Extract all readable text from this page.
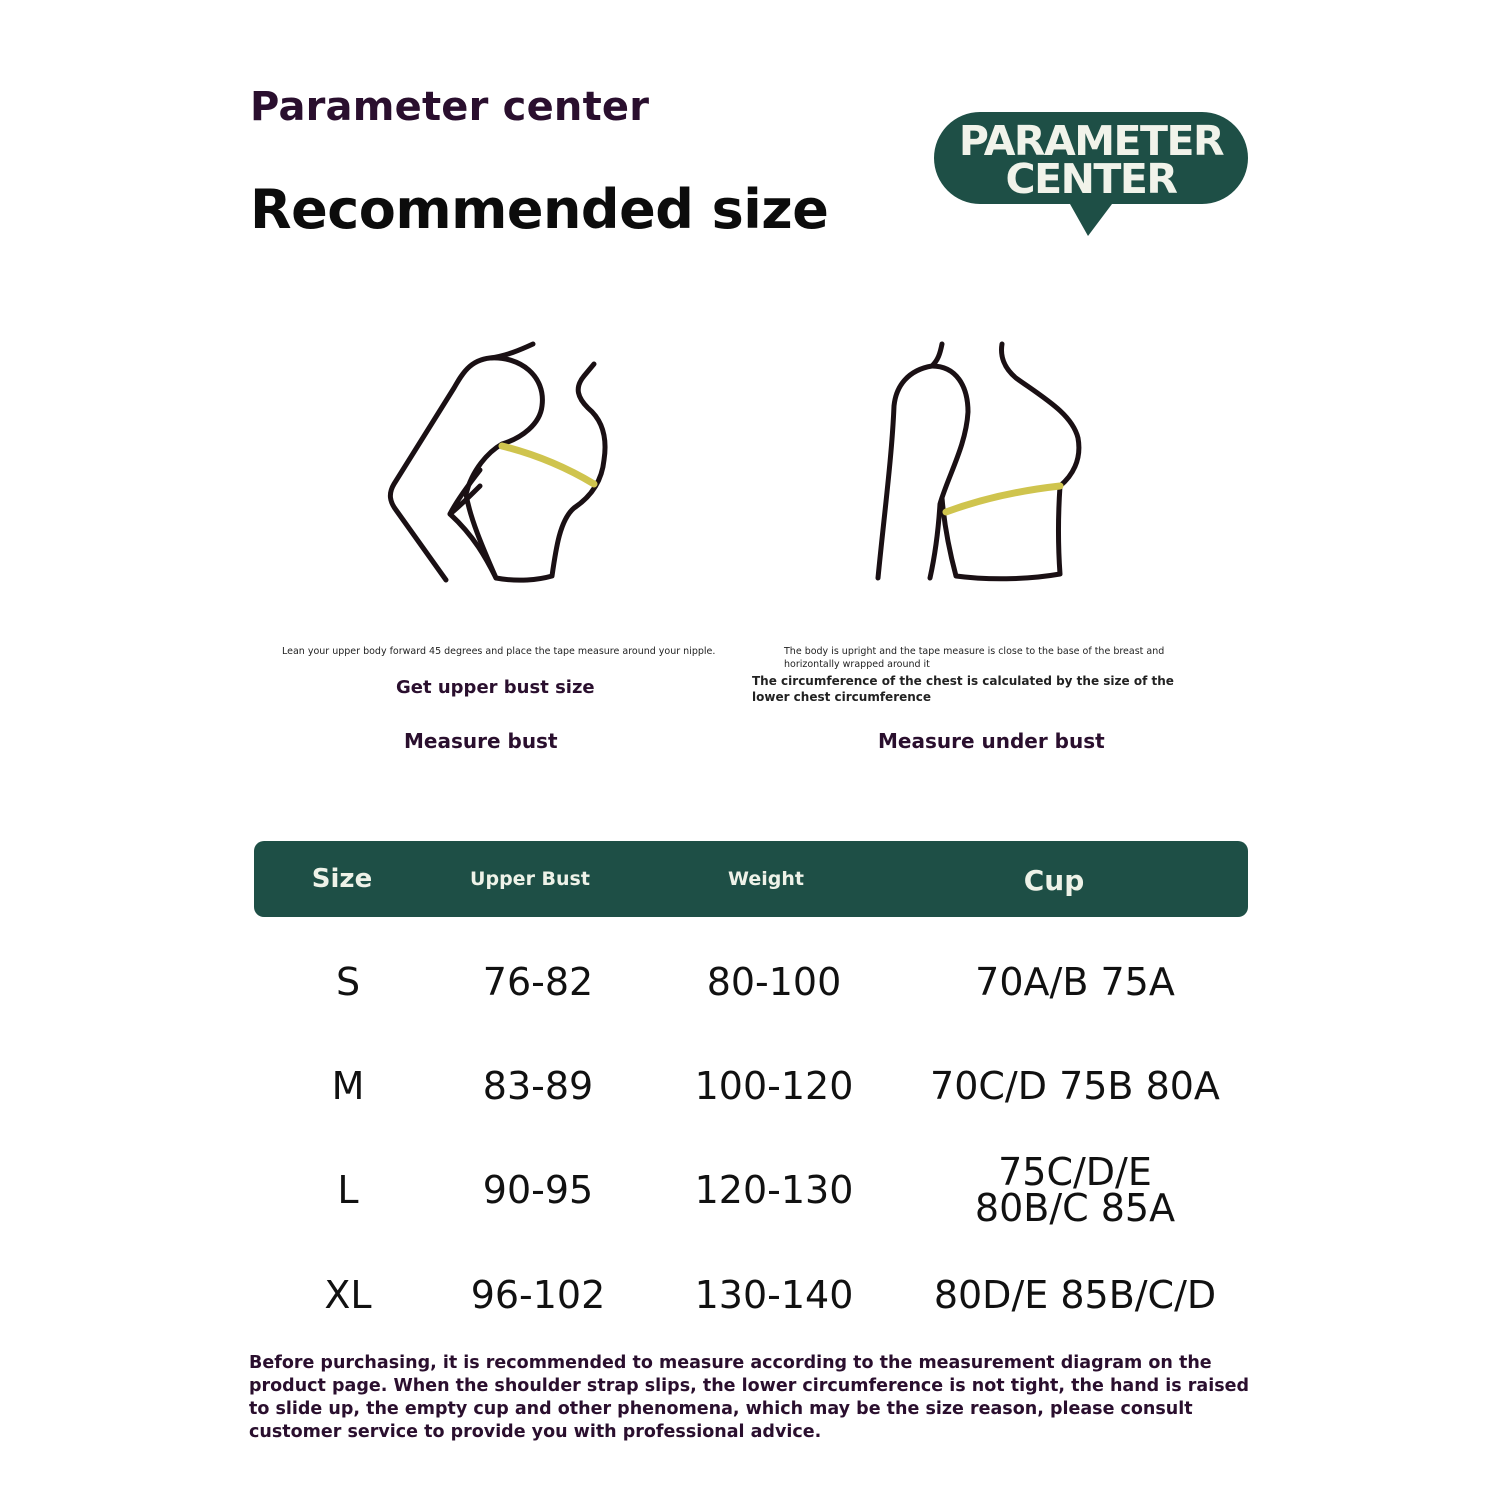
Parameter center
Recommended size
PARAMETER
CENTER
Lean your upper body forward 45 degrees and place the tape measure around your nipple.
Get upper bust size
Measure bust
The body is upright and the tape measure is close to the base of the breast and horizontally wrapped around it
The circumference of the chest is calculated by the size of the lower chest circumference
Measure under bust
Size	Upper Bust	Weight	Cup
S	76-82	80-100	70A/B 75A
M	83-89	100-120	70C/D 75B 80A
L	90-95	120-130	75C/D/E
80B/C 85A
XL	96-102	130-140	80D/E 85B/C/D
Before purchasing, it is recommended to measure according to the measurement diagram on the product page. When the shoulder strap slips, the lower circumference is not tight, the hand is raised to slide up, the empty cup and other phenomena, which may be the size reason, please consult customer service to provide you with professional advice.
